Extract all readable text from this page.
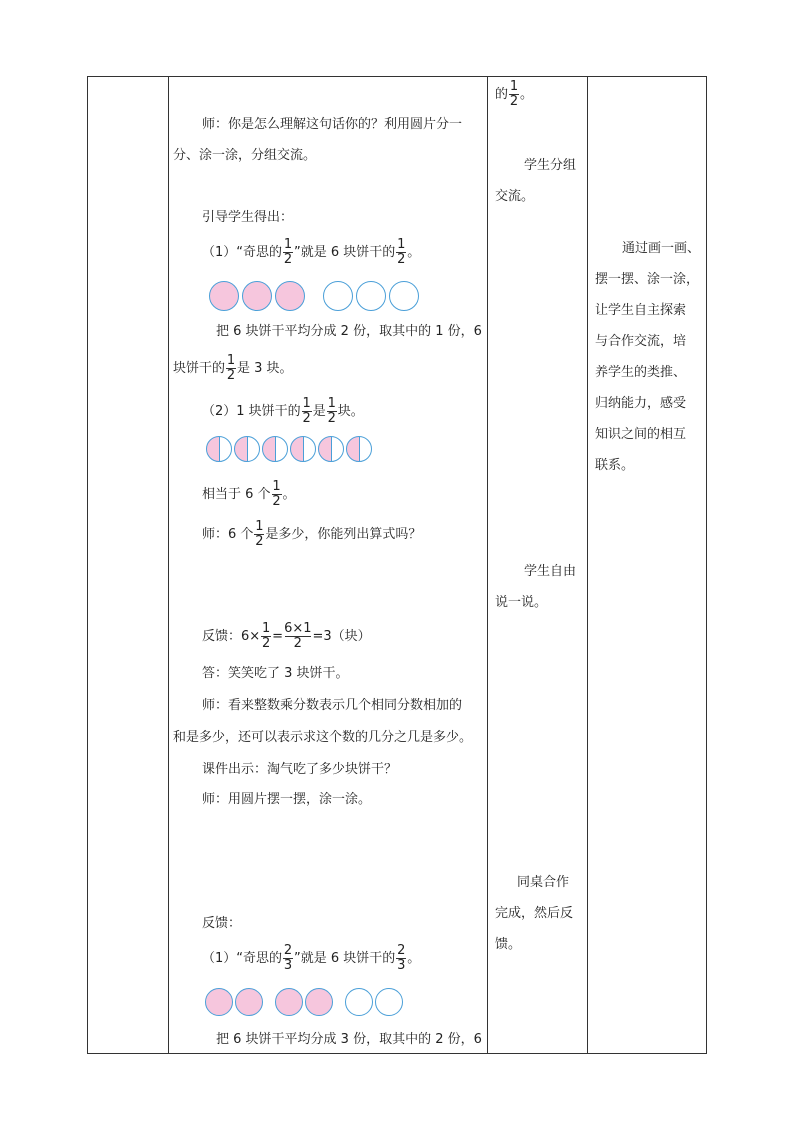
的 $\frac{1}{2}$ 。
学生分组
交流。
学生自由
说一说。
同桌合作
完成，然后反
馈。
通过画一画、
摆一摆、涂一涂，
让学生自主探索
与合作交流，培
养学生的类推、
归纳能力，感受
知识之间的相互
联系。
师：你是怎么理解这句话你的？利用圆片分一
分、涂一涂，分组交流。
引导学生得出：
（1）“奇思的 $\frac{1}{2}$ ”就是 6 块饼干的 $\frac{1}{2}$ 。
把 6 块饼干平均分成 2 份，取其中的 1 份，6
块饼干的 $\frac{1}{2}$ 是 3 块。
（2）1 块饼干的 $\frac{1}{2}$ 是 $\frac{1}{2}$ 块。
相当于 6 个 $\frac{1}{2}$ 。
师：6 个 $\frac{1}{2}$ 是多少，你能列出算式吗？
反馈：$6\times \frac{1}{2} = \frac{6\times 1}{2} =3$（块）
答：笑笑吃了 3 块饼干。
师：看来整数乘分数表示几个相同分数相加的
和是多少，还可以表示求这个数的几分之几是多少。
课件出示：淘气吃了多少块饼干？
师：用圆片摆一摆，涂一涂。
反馈：
（1）“奇思的 $\frac{2}{3}$ ”就是 6 块饼干的 $\frac{2}{3}$ 。
把 6 块饼干平均分成 3 份，取其中的 2 份，6
